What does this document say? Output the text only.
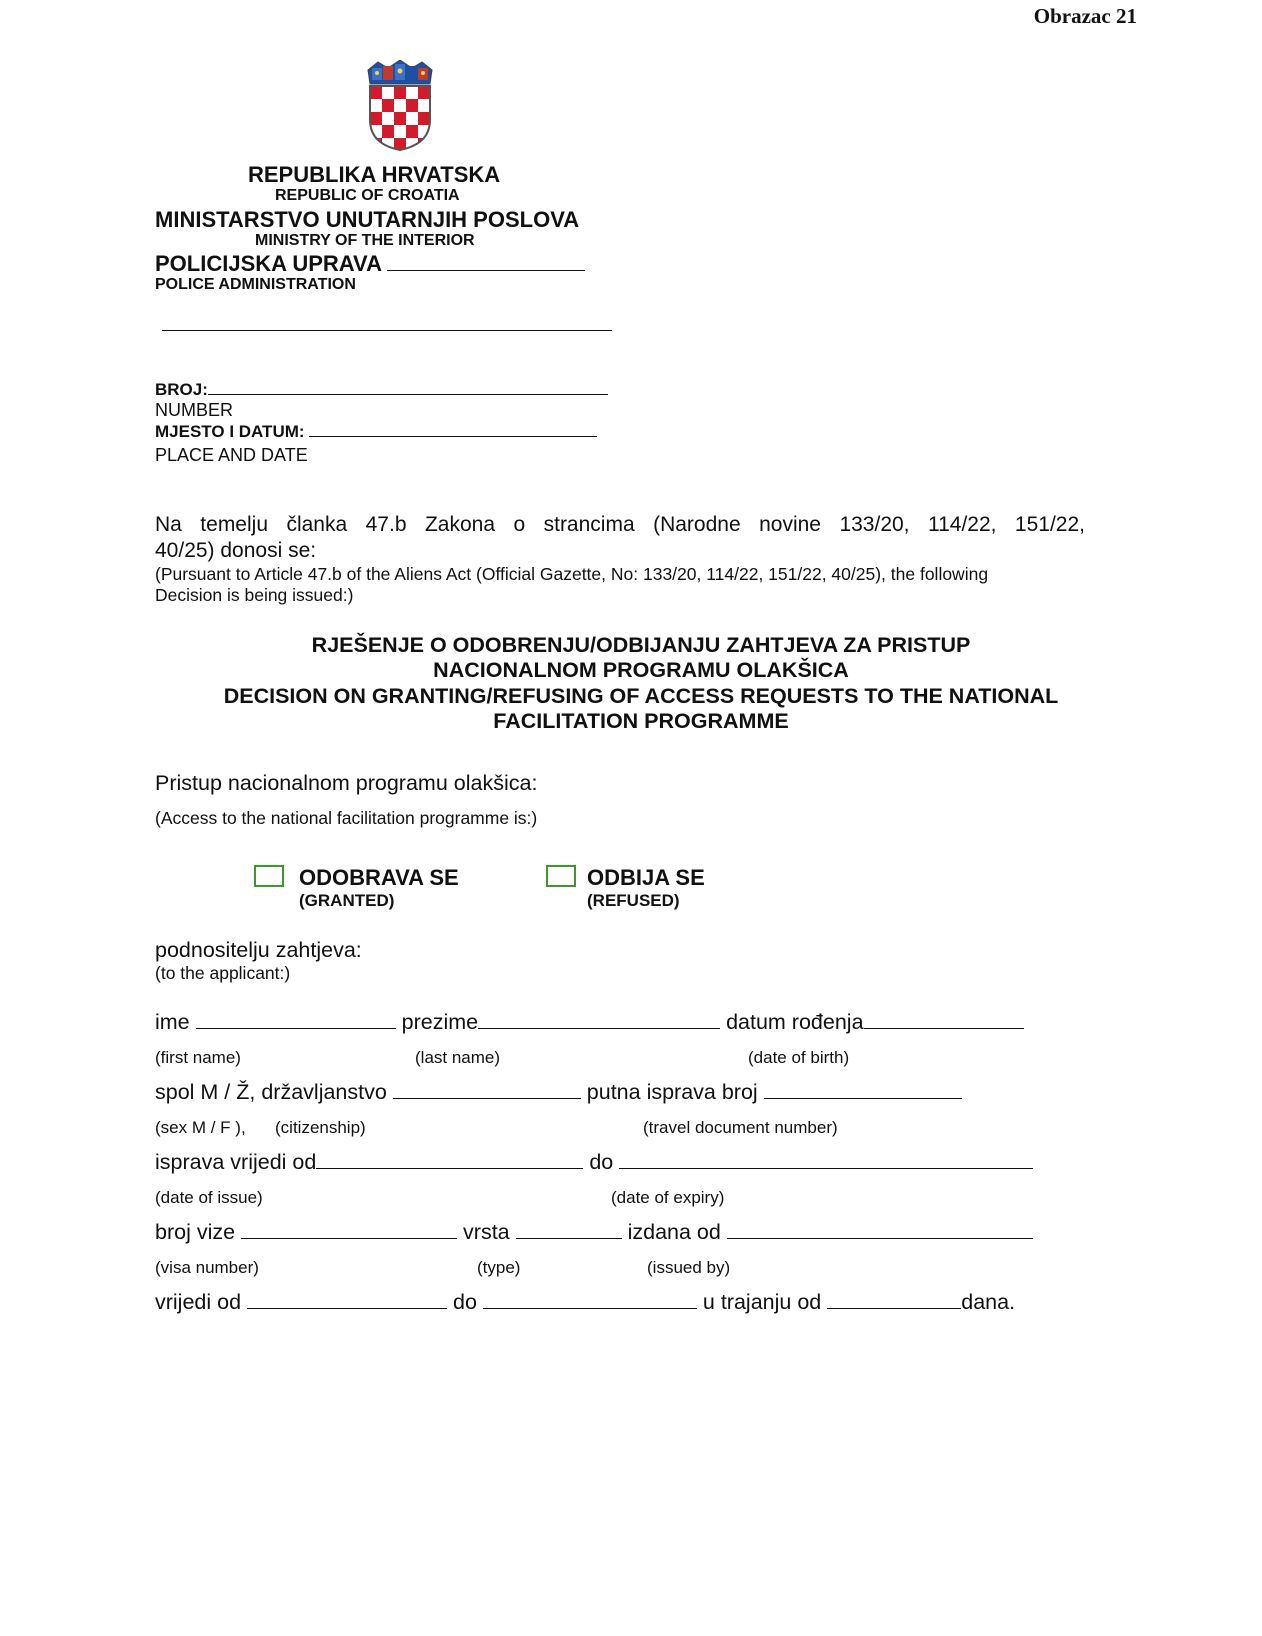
Obrazac 21
REPUBLIKA HRVATSKA
REPUBLIC OF CROATIA
MINISTARSTVO UNUTARNJIH POSLOVA
MINISTRY OF THE INTERIOR
POLICIJSKA UPRAVA
POLICE ADMINISTRATION
BROJ:
NUMBER
MJESTO I DATUM:
PLACE AND DATE
Na temelju članka 47.b Zakona o strancima (Narodne novine 133/20, 114/22, 151/22,
40/25) donosi se:
(Pursuant to Article 47.b of the Aliens Act (Official Gazette, No: 133/20, 114/22, 151/22, 40/25), the following
Decision is being issued:)
RJEŠENJE O ODOBRENJU/ODBIJANJU ZAHTJEVA ZA PRISTUP
NACIONALNOM PROGRAMU OLAKŠICA
DECISION ON GRANTING/REFUSING OF ACCESS REQUESTS TO THE NATIONAL
FACILITATION PROGRAMME
Pristup nacionalnom programu olakšica:
(Access to the national facilitation programme is:)
ODOBRAVA SE
(GRANTED)
ODBIJA SE
(REFUSED)
podnositelju zahtjeva:
(to the applicant:)
ime	prezime	datum rođenja
(first name)	(last name)	(date of birth)
spol M / Ž, državljanstvo	putna isprava broj
(sex M / F ), (citizenship)	(travel document number)
isprava vrijedi od	do
(date of issue)	(date of expiry)
broj vize	vrsta	izdana od
(visa number)	(type)	(issued by)
vrijedi od	do	u trajanju od	dana.
